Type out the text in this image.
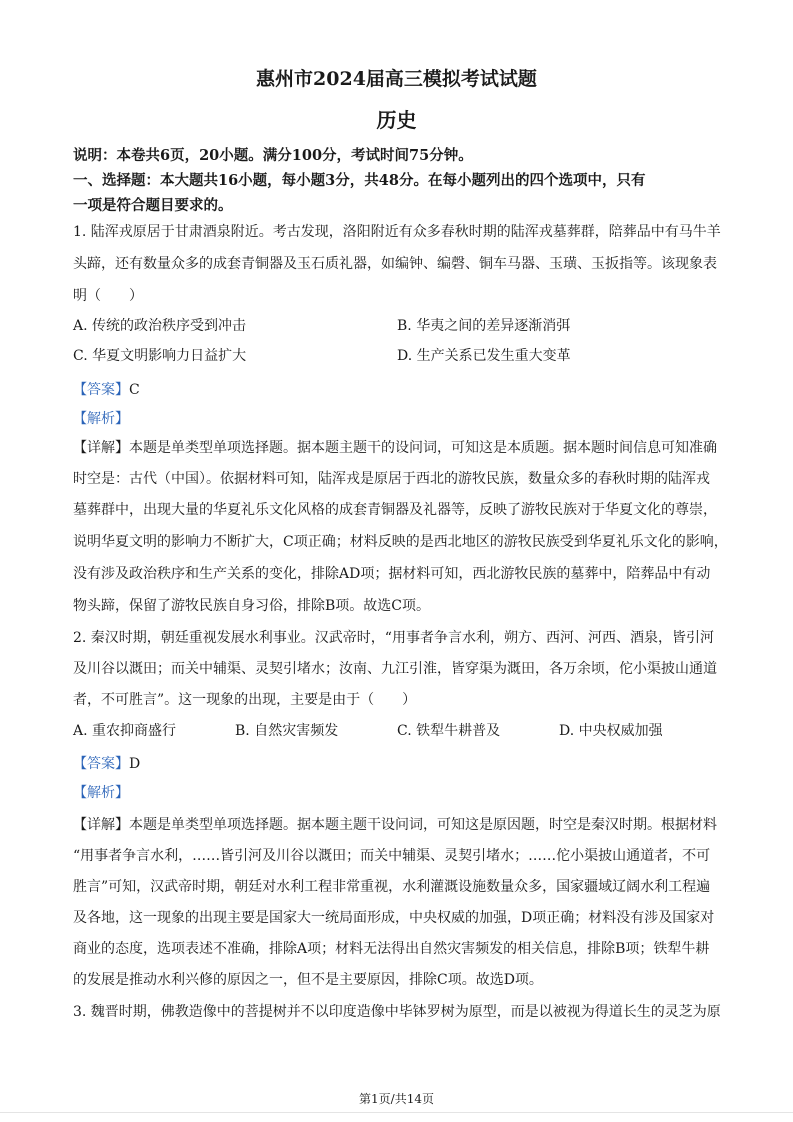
惠州市2024届高三模拟考试试题
历史
说明：本卷共6页，20小题。满分100分，考试时间75分钟。
一、选择题：本大题共16小题，每小题3分，共48分。在每小题列出的四个选项中，只有
一项是符合题目要求的。
1. 陆浑戎原居于甘肃酒泉附近。考古发现，洛阳附近有众多春秋时期的陆浑戎墓葬群，陪葬品中有马牛羊
头蹄，还有数量众多的成套青铜器及玉石质礼器，如编钟、编磬、铜车马器、玉璜、玉扳指等。该现象表
明（　　）
A. 传统的政治秩序受到冲击	B. 华夷之间的差异逐渐消弭
C. 华夏文明影响力日益扩大	D. 生产关系已发生重大变革
【答案】C
【解析】
【详解】本题是单类型单项选择题。据本题主题干的设问词，可知这是本质题。据本题时间信息可知准确
时空是：古代（中国）。依据材料可知，陆浑戎是原居于西北的游牧民族，数量众多的春秋时期的陆浑戎
墓葬群中，出现大量的华夏礼乐文化风格的成套青铜器及礼器等，反映了游牧民族对于华夏文化的尊崇，
说明华夏文明的影响力不断扩大，C项正确；材料反映的是西北地区的游牧民族受到华夏礼乐文化的影响，
没有涉及政治秩序和生产关系的变化，排除AD项；据材料可知，西北游牧民族的墓葬中，陪葬品中有动
物头蹄，保留了游牧民族自身习俗，排除B项。故选C项。
2. 秦汉时期，朝廷重视发展水利事业。汉武帝时，“用事者争言水利，朔方、西河、河西、酒泉，皆引河
及川谷以溉田；而关中辅渠、灵契引堵水；汝南、九江引淮，皆穿渠为溉田，各万余顷，佗小渠披山通道
者，不可胜言”。这一现象的出现，主要是由于（　　）
A. 重农抑商盛行	B. 自然灾害频发	C. 铁犁牛耕普及	D. 中央权威加强
【答案】D
【解析】
【详解】本题是单类型单项选择题。据本题主题干设问词，可知这是原因题，时空是秦汉时期。根据材料
“用事者争言水利，……皆引河及川谷以溉田；而关中辅渠、灵契引堵水；……佗小渠披山通道者，不可
胜言”可知，汉武帝时期，朝廷对水利工程非常重视，水利灌溉设施数量众多，国家疆域辽阔水利工程遍
及各地，这一现象的出现主要是国家大一统局面形成，中央权威的加强，D项正确；材料没有涉及国家对
商业的态度，选项表述不准确，排除A项；材料无法得出自然灾害频发的相关信息，排除B项；铁犁牛耕
的发展是推动水利兴修的原因之一，但不是主要原因，排除C项。故选D项。
3. 魏晋时期，佛教造像中的菩提树并不以印度造像中毕钵罗树为原型，而是以被视为得道长生的灵芝为原
第1页/共14页
